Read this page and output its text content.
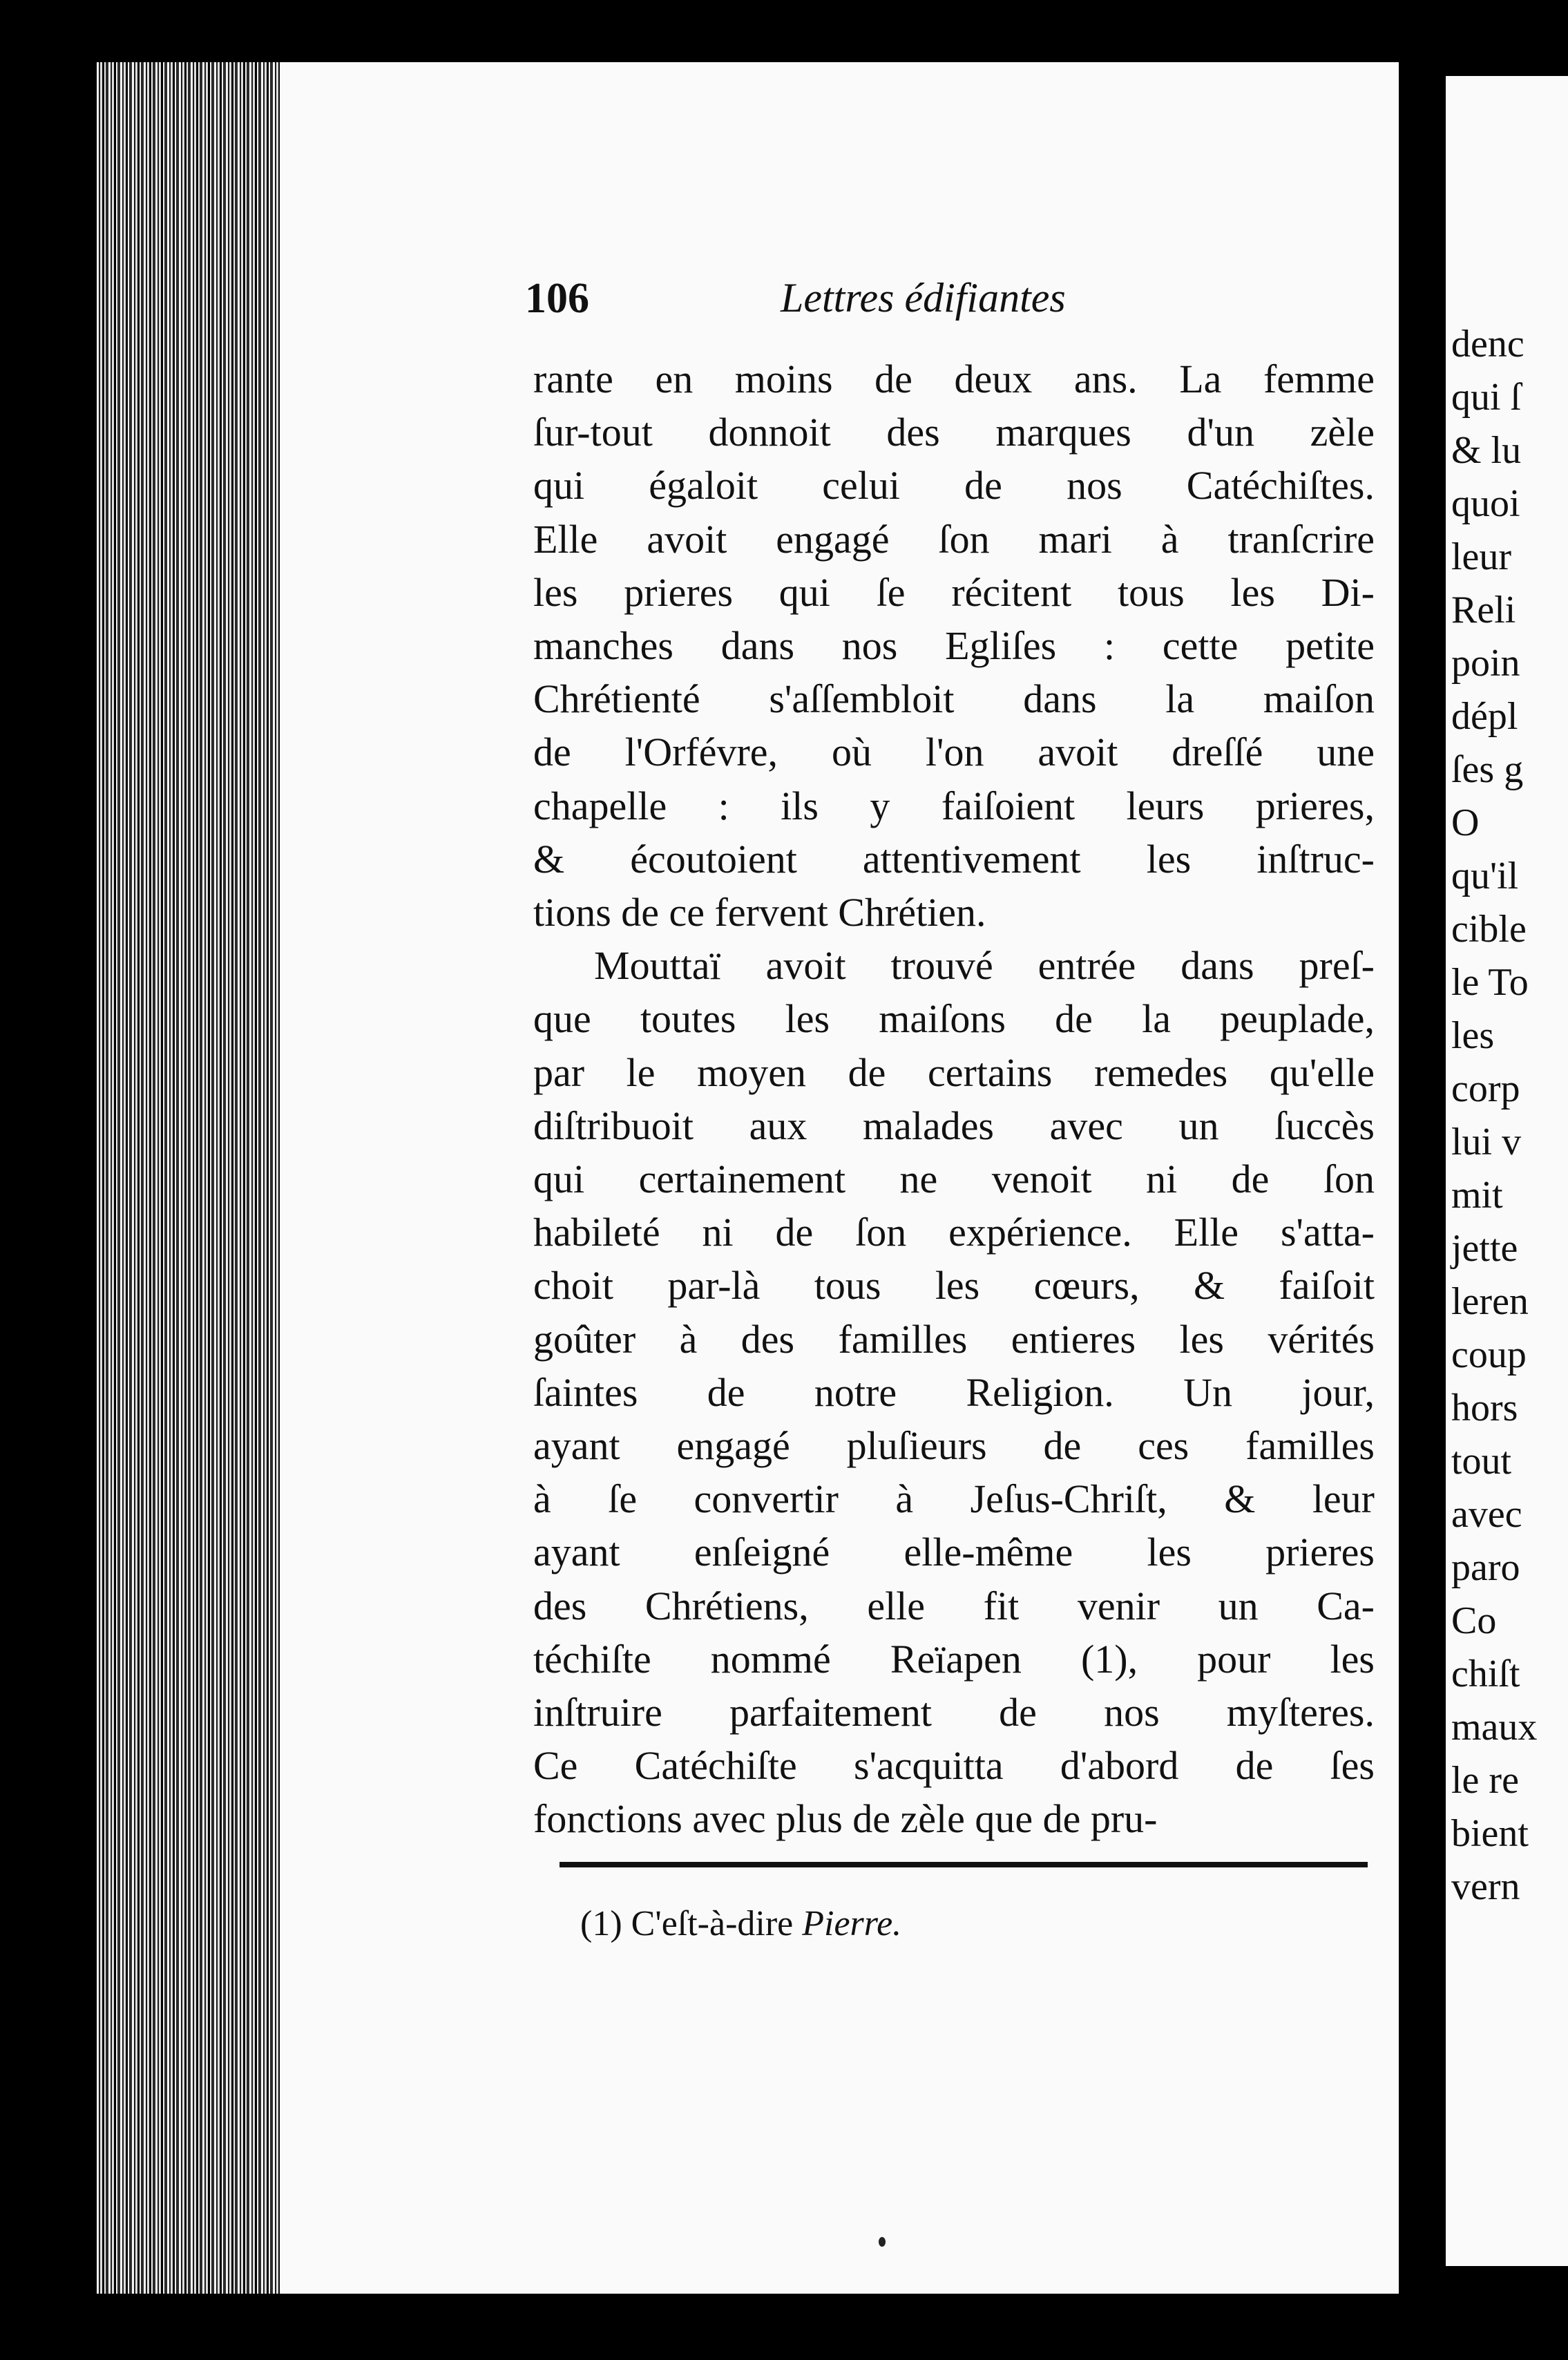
106	Lettres édifiantes
rante en moins de deux ans. La femme
ſur-tout donnoit des marques d'un zèle
qui égaloit celui de nos Catéchiſtes.
Elle avoit engagé ſon mari à tranſcrire
les prieres qui ſe récitent tous les Di-
manches dans nos Egliſes : cette petite
Chrétienté s'aſſembloit dans la maiſon
de l'Orfévre, où l'on avoit dreſſé une
chapelle : ils y faiſoient leurs prieres,
& écoutoient attentivement les inſtruc-
tions de ce fervent Chrétien.
Mouttaï avoit trouvé entrée dans preſ-
que toutes les maiſons de la peuplade,
par le moyen de certains remedes qu'elle
diſtribuoit aux malades avec un ſuccès
qui certainement ne venoit ni de ſon
habileté ni de ſon expérience. Elle s'atta-
choit par-là tous les cœurs, & faiſoit
goûter à des familles entieres les vérités
ſaintes de notre Religion. Un jour,
ayant engagé pluſieurs de ces familles
à ſe convertir à Jeſus-Chriſt, & leur
ayant enſeigné elle-même les prieres
des Chrétiens, elle fit venir un Ca-
téchiſte nommé Reïapen (1), pour les
inſtruire parfaitement de nos myſteres.
Ce Catéchiſte s'acquitta d'abord de ſes
fonctions avec plus de zèle que de pru-
(1) C'eſt-à-dire Pierre.
denc
qui ſ
& lu
quoi
leur
Reli
poin
dépl
ſes g
O
qu'il
cible
le To
les
corp
lui v
mit
jette
leren
coup
hors
tout
avec
paro
Co
chiſt
maux
le re
bient
vern
